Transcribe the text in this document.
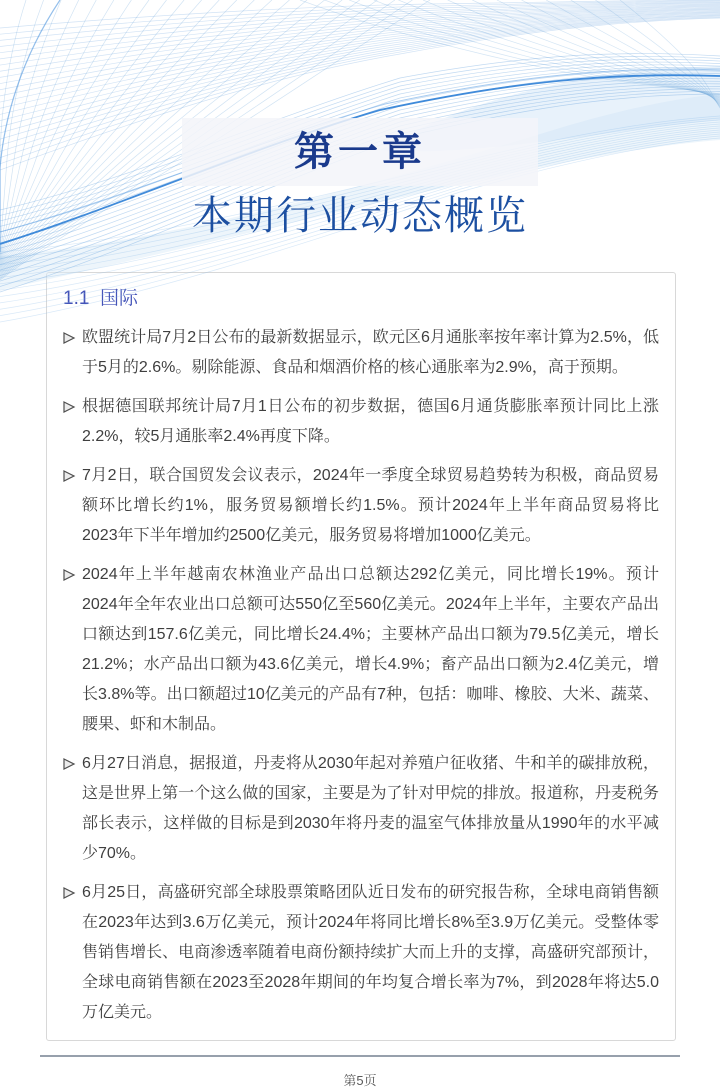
第一章
本期行业动态概览
1.1  国际

欧盟统计局7月2日公布的最新数据显示，欧元区6月通胀率按年率计算为2.5%，低于5月的2.6%。剔除能源、食品和烟酒价格的核心通胀率为2.9%，高于预期。

根据德国联邦统计局7月1日公布的初步数据，德国6月通货膨胀率预计同比上涨2.2%，较5月通胀率2.4%再度下降。

7月2日，联合国贸发会议表示，2024年一季度全球贸易趋势转为积极，商品贸易额环比增长约1%，服务贸易额增长约1.5%。预计2024年上半年商品贸易将比2023年下半年增加约2500亿美元，服务贸易将增加1000亿美元。

2024年上半年越南农林渔业产品出口总额达292亿美元，同比增长19%。预计2024年全年农业出口总额可达550亿至560亿美元。2024年上半年，主要农产品出口额达到157.6亿美元，同比增长24.4%；主要林产品出口额为79.5亿美元，增长21.2%；水产品出口额为43.6亿美元，增长4.9%；畜产品出口额为2.4亿美元，增长3.8%等。出口额超过10亿美元的产品有7种，包括：咖啡、橡胶、大米、蔬菜、腰果、虾和木制品。

6月27日消息，据报道，丹麦将从2030年起对养殖户征收猪、牛和羊的碳排放税，这是世界上第一个这么做的国家，主要是为了针对甲烷的排放。报道称，丹麦税务部长表示，这样做的目标是到2030年将丹麦的温室气体排放量从1990年的水平减少70%。

6月25日，高盛研究部全球股票策略团队近日发布的研究报告称，全球电商销售额在2023年达到3.6万亿美元，预计2024年将同比增长8%至3.9万亿美元。受整体零售销售增长、电商渗透率随着电商份额持续扩大而上升的支撑，高盛研究部预计，全球电商销售额在2023至2028年期间的年均复合增长率为7%，到2028年将达5.0万亿美元。

第5页
